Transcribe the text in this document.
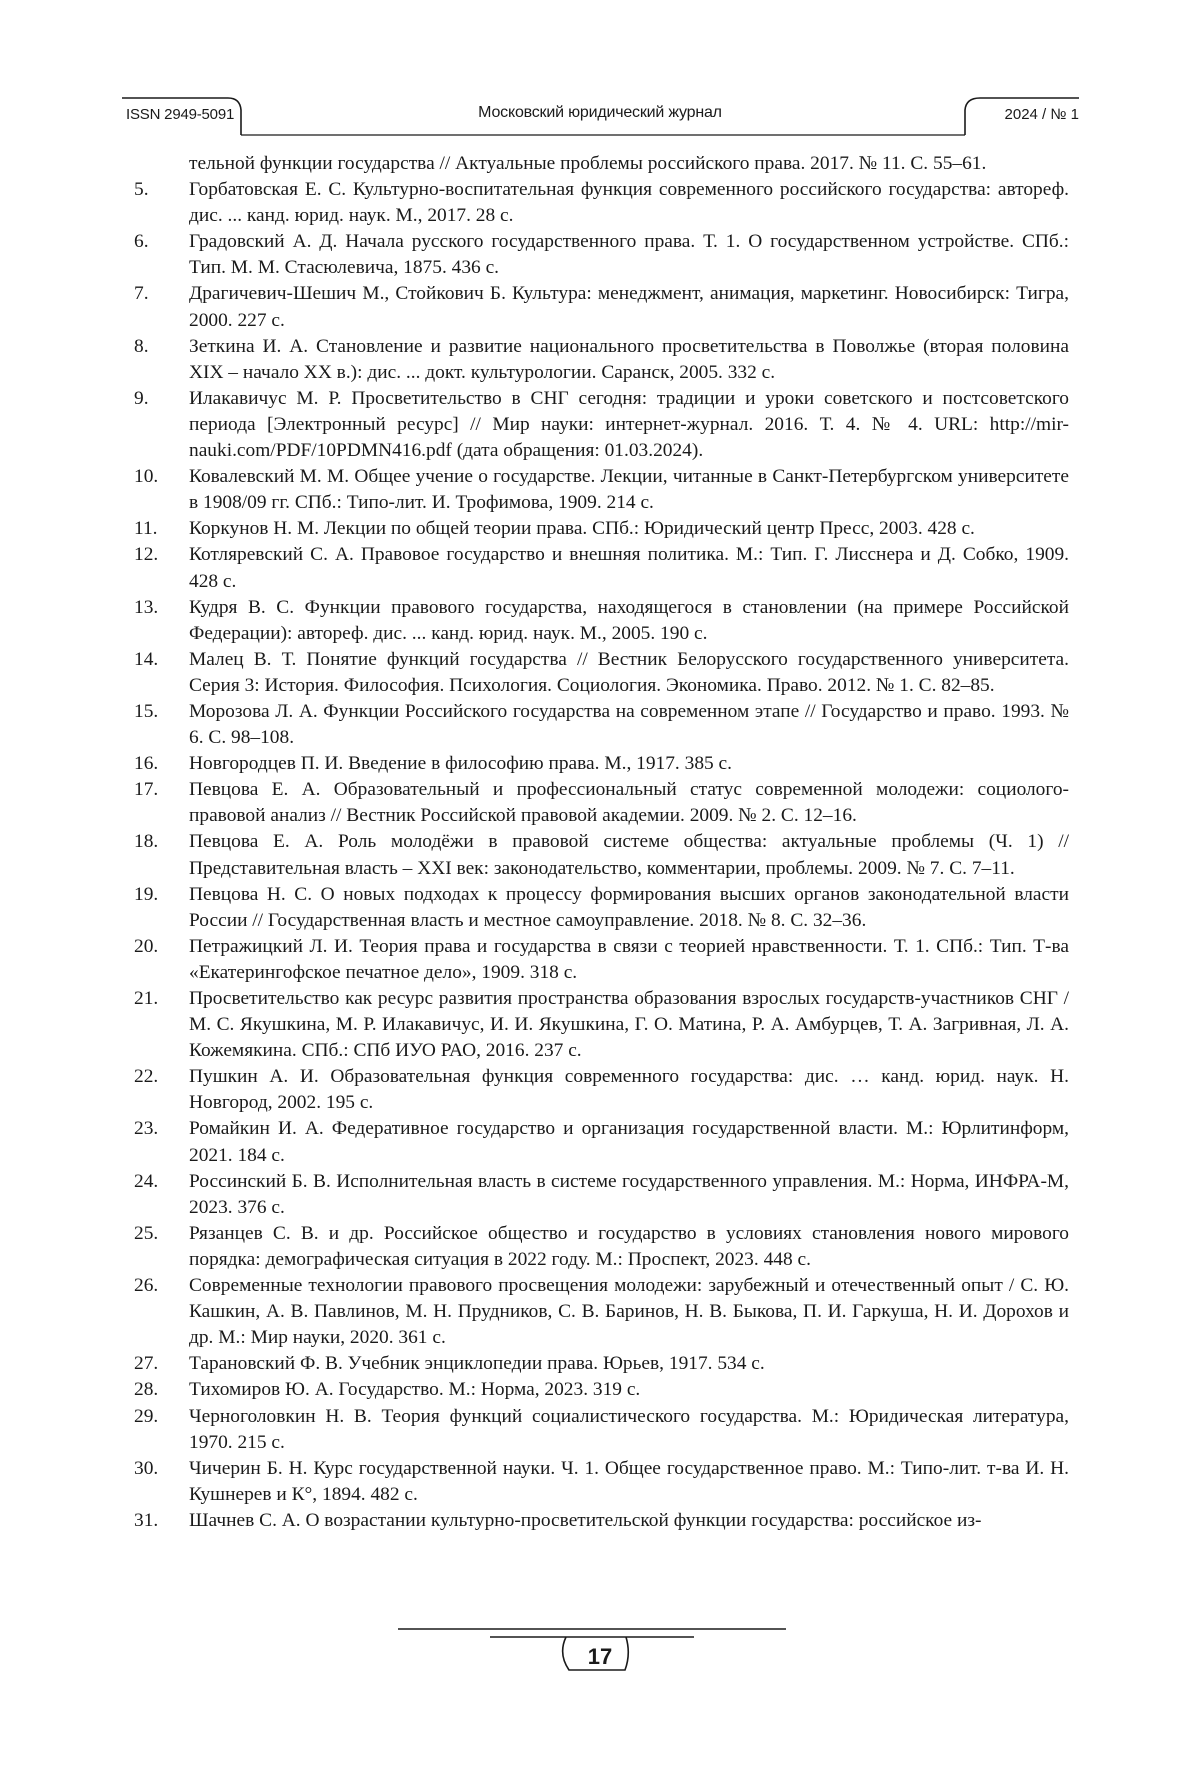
ISSN 2949-5091	Московский юридический журнал	2024 / № 1
тельной функции государства // Актуальные проблемы российского права. 2017. № 11. С. 55–61.
5.	Горбатовская Е. С. Культурно-воспитательная функция современного российского государства: автореф. дис. ... канд. юрид. наук. М., 2017. 28 с.
6.	Градовский А. Д. Начала русского государственного права. Т. 1. О государственном устройстве. СПб.: Тип. М. М. Стасюлевича, 1875. 436 с.
7.	Драгичевич-Шешич М., Стойкович Б. Культура: менеджмент, анимация, маркетинг. Новосибирск: Тигра, 2000. 227 с.
8.	Зеткина И. А. Становление и развитие национального просветительства в Поволжье (вторая половина XIX – начало XX в.): дис. ... докт. культурологии. Саранск, 2005. 332 с.
9.	Илакавичус М. Р. Просветительство в СНГ сегодня: традиции и уроки советского и постсоветского периода [Электронный ресурс] // Мир науки: интернет-журнал. 2016. Т. 4. № 4. URL: http://mir-nauki.com/PDF/10PDMN416.pdf (дата обращения: 01.03.2024).
10.	Ковалевский М. М. Общее учение о государстве. Лекции, читанные в Санкт-Петербургском университете в 1908/09 гг. СПб.: Типо-лит. И. Трофимова, 1909. 214 с.
11.	Коркунов Н. М. Лекции по общей теории права. СПб.: Юридический центр Пресс, 2003. 428 с.
12.	Котляревский С. А. Правовое государство и внешняя политика. М.: Тип. Г. Лисснера и Д. Собко, 1909. 428 с.
13.	Кудря В. С. Функции правового государства, находящегося в становлении (на примере Российской Федерации): автореф. дис. ... канд. юрид. наук. М., 2005. 190 с.
14.	Малец В. Т. Понятие функций государства // Вестник Белорусского государственного университета. Серия 3: История. Философия. Психология. Социология. Экономика. Право. 2012. № 1. С. 82–85.
15.	Морозова Л. А. Функции Российского государства на современном этапе // Государство и право. 1993. № 6. С. 98–108.
16.	Новгородцев П. И. Введение в философию права. М., 1917. 385 с.
17.	Певцова Е. А. Образовательный и профессиональный статус современной молодежи: социолого-правовой анализ // Вестник Российской правовой академии. 2009. № 2. С. 12–16.
18.	Певцова Е. А. Роль молодёжи в правовой системе общества: актуальные проблемы (Ч. 1) // Представительная власть – XXI век: законодательство, комментарии, проблемы. 2009. № 7. С. 7–11.
19.	Певцова Н. С. О новых подходах к процессу формирования высших органов законодательной власти России // Государственная власть и местное самоуправление. 2018. № 8. С. 32–36.
20.	Петражицкий Л. И. Теория права и государства в связи с теорией нравственности. Т. 1. СПб.: Тип. Т-ва «Екатерингофское печатное дело», 1909. 318 с.
21.	Просветительство как ресурс развития пространства образования взрослых государств-участников СНГ / М. С. Якушкина, М. Р. Илакавичус, И. И. Якушкина, Г. О. Матина, Р. А. Амбурцев, Т. А. Загривная, Л. А. Кожемякина. СПб.: СПб ИУО РАО, 2016. 237 с.
22.	Пушкин А. И. Образовательная функция современного государства: дис. … канд. юрид. наук. Н. Новгород, 2002. 195 с.
23.	Ромайкин И. А. Федеративное государство и организация государственной власти. М.: Юрлитинформ, 2021. 184 с.
24.	Россинский Б. В. Исполнительная власть в системе государственного управления. М.: Норма, ИНФРА-М, 2023. 376 с.
25.	Рязанцев С. В. и др. Российское общество и государство в условиях становления нового мирового порядка: демографическая ситуация в 2022 году. М.: Проспект, 2023. 448 с.
26.	Современные технологии правового просвещения молодежи: зарубежный и отечественный опыт / С. Ю. Кашкин, А. В. Павлинов, М. Н. Прудников, С. В. Баринов, Н. В. Быкова, П. И. Гаркуша, Н. И. Дорохов и др. М.: Мир науки, 2020. 361 с.
27.	Тарановский Ф. В. Учебник энциклопедии права. Юрьев, 1917. 534 с.
28.	Тихомиров Ю. А. Государство. М.: Норма, 2023. 319 с.
29.	Черноголовкин Н. В. Теория функций социалистического государства. М.: Юридическая литература, 1970. 215 с.
30.	Чичерин Б. Н. Курс государственной науки. Ч. 1. Общее государственное право. М.: Типо-лит. т-ва И. Н. Кушнерев и К°, 1894. 482 с.
31.	Шачнев С. А. О возрастании культурно-просветительской функции государства: российское из-
17
